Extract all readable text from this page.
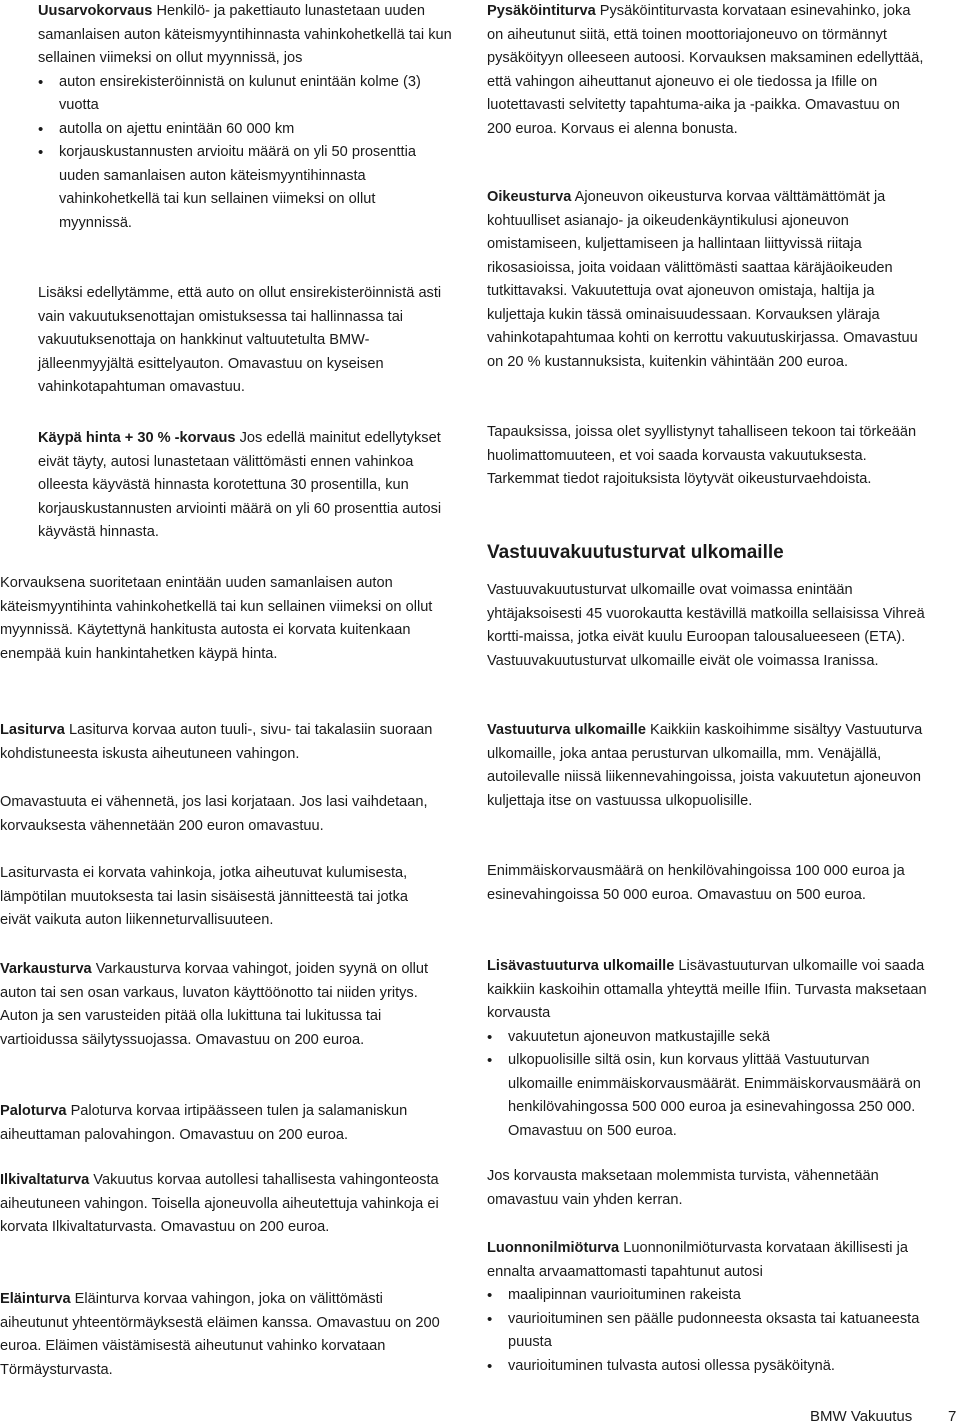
Uusarvokorvaus Henkilö- ja pakettiauto lunastetaan uuden samanlaisen auton käteismyyntihinnasta vahinkohetkellä tai kun sellainen viimeksi on ollut myynnissä, jos

• auton ensirekisteröinnistä on kulunut enintään kolme (3) vuotta
• autolla on ajettu enintään 60 000 km
• korjauskustannusten arvioitu määrä on yli 50 prosenttia uuden samanlaisen auton käteismyyntihinnasta vahinkohetkellä tai kun sellainen viimeksi on ollut myynnissä.

Lisäksi edellytämme, että auto on ollut ensirekisteröinnistä asti vain vakuutuksenottajan omistuksessa tai hallinnassa tai vakuutuksenottaja on hankkinut valtuutetulta BMW-jälleenmyyjältä esittelyauton. Omavastuu on kyseisen vahinkotapahtuman omavastuu.

Käypä hinta + 30 % -korvaus Jos edellä mainitut edellytykset eivät täyty, autosi lunastetaan välittömästi ennen vahinkoa olleesta käyvästä hinnasta korotettuna 30 prosentilla, kun korjauskustannusten arviointi määrä on yli 60 prosenttia autosi käyvästä hinnasta.

Korvauksena suoritetaan enintään uuden samanlaisen auton käteismyyntihinta vahinkohetkellä tai kun sellainen viimeksi on ollut myynnissä. Käytettynä hankitusta autosta ei korvata kuitenkaan enempää kuin hankintahetken käypä hinta.

Lasiturva Lasiturva korvaa auton tuuli-, sivu- tai takalasiin suoraan kohdistuneesta iskusta aiheutuneen vahingon.

Omavastuuta ei vähennetä, jos lasi korjataan. Jos lasi vaihdetaan, korvauksesta vähennetään 200 euron omavastuu.

Lasiturvasta ei korvata vahinkoja, jotka aiheutuvat kulumisesta, lämpötilan muutoksesta tai lasin sisäisestä jännitteestä tai jotka eivät vaikuta auton liikenneturvallisuuteen.

Varkausturva Varkausturva korvaa vahingot, joiden syynä on ollut auton tai sen osan varkaus, luvaton käyttöönotto tai niiden yritys. Auton ja sen varusteiden pitää olla lukittuna tai lukitussa tai vartioidussa säilytyssuojassa. Omavastuu on 200 euroa.

Paloturva Paloturva korvaa irtipäässeen tulen ja salamaniskun aiheuttaman palovahingon. Omavastuu on 200 euroa.

Ilkivaltaturva Vakuutus korvaa autollesi tahallisesta vahingonteosta aiheutuneen vahingon. Toisella ajoneuvolla aiheutettuja vahinkoja ei korvata Ilkivaltaturvasta. Omavastuu on 200 euroa.

Eläinturva Eläinturva korvaa vahingon, joka on välittömästi aiheutunut yhteentörmäyksestä eläimen kanssa. Omavastuu on 200 euroa. Eläimen väistämisestä aiheutunut vahinko korvataan Törmäysturvasta.

Pysäköintiturva Pysäköintiturvasta korvataan esinevahinko, joka on aiheutunut siitä, että toinen moottoriajoneuvo on törmännyt pysäköityyn olleeseen autoosi. Korvauksen maksaminen edellyttää, että vahingon aiheuttanut ajoneuvo ei ole tiedossa ja Ifille on luotettavasti selvitetty tapahtuma-aika ja -paikka. Omavastuu on 200 euroa. Korvaus ei alenna bonusta.

Oikeusturva Ajoneuvon oikeusturva korvaa välttämättömät ja kohtuulliset asianajo- ja oikeudenkäyntikulusi ajoneuvon omistamiseen, kuljettamiseen ja hallintaan liittyvissä riitaja rikosasioissa, joita voidaan välittömästi saattaa käräjäoikeuden tutkittavaksi. Vakuutettuja ovat ajoneuvon omistaja, haltija ja kuljettaja kukin tässä ominaisuudessaan. Korvauksen yläraja vahinkotapahtumaa kohti on kerrottu vakuutuskirjassa. Omavastuu on 20 % kustannuksista, kuitenkin vähintään 200 euroa.

Tapauksissa, joissa olet syyllistynyt tahalliseen tekoon tai törkeään huolimattomuuteen, et voi saada korvausta vakuutuksesta. Tarkemmat tiedot rajoituksista löytyvät oikeusturvaehdoista.

Vastuuvakuutusturvat ulkomaille

Vastuuvakuutusturvat ulkomaille ovat voimassa enintään yhtäjaksoisesti 45 vuorokautta kestävillä matkoilla sellaisissa Vihreä kortti-maissa, jotka eivät kuulu Euroopan talousalueeseen (ETA). Vastuuvakuutusturvat ulkomaille eivät ole voimassa Iranissa.

Vastuuturva ulkomaille Kaikkiin kaskoihimme sisältyy Vastuuturva ulkomaille, joka antaa perusturvan ulkomailla, mm. Venäjällä, autoilevalle niissä liikennevahingoissa, joista vakuutetun ajoneuvon kuljettaja itse on vastuussa ulkopuolisille.

Enimmäiskorvausmäärä on henkilövahingoissa 100 000 euroa ja esinevahingoissa 50 000 euroa. Omavastuu on 500 euroa.

Lisävastuuturva ulkomaille Lisävastuuturvan ulkomaille voi saada kaikkiin kaskoihin ottamalla yhteyttä meille Ifiin. Turvasta maksetaan korvausta

• vakuutetun ajoneuvon matkustajille sekä
• ulkopuolisille siltä osin, kun korvaus ylittää Vastuuturvan ulkomaille enimmäiskorvausmäärät. Enimmäiskorvausmäärä on henkilövahingossa 500 000 euroa ja esinevahingossa 250 000. Omavastuu on 500 euroa.

Jos korvausta maksetaan molemmista turvista, vähennetään omavastuu vain yhden kerran.

Luonnonilmiöturva Luonnonilmiöturvasta korvataan äkillisesti ja ennalta arvaamattomasti tapahtunut autosi

• maalipinnan vaurioituminen rakeista
• vaurioituminen sen päälle pudonneesta oksasta tai katuaneesta puusta
• vaurioituminen tulvasta autosi ollessa pysäköitynä.
BMW Vakuutus 7
